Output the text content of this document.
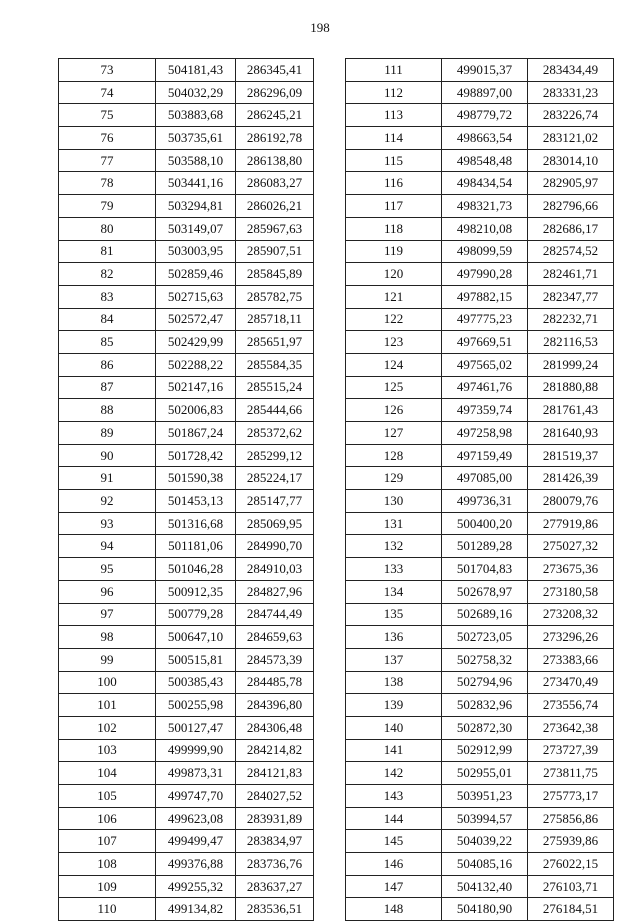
198
73	504181,43	286345,41
74	504032,29	286296,09
75	503883,68	286245,21
76	503735,61	286192,78
77	503588,10	286138,80
78	503441,16	286083,27
79	503294,81	286026,21
80	503149,07	285967,63
81	503003,95	285907,51
82	502859,46	285845,89
83	502715,63	285782,75
84	502572,47	285718,11
85	502429,99	285651,97
86	502288,22	285584,35
87	502147,16	285515,24
88	502006,83	285444,66
89	501867,24	285372,62
90	501728,42	285299,12
91	501590,38	285224,17
92	501453,13	285147,77
93	501316,68	285069,95
94	501181,06	284990,70
95	501046,28	284910,03
96	500912,35	284827,96
97	500779,28	284744,49
98	500647,10	284659,63
99	500515,81	284573,39
100	500385,43	284485,78
101	500255,98	284396,80
102	500127,47	284306,48
103	499999,90	284214,82
104	499873,31	284121,83
105	499747,70	284027,52
106	499623,08	283931,89
107	499499,47	283834,97
108	499376,88	283736,76
109	499255,32	283637,27
110	499134,82	283536,51
111	499015,37	283434,49
112	498897,00	283331,23
113	498779,72	283226,74
114	498663,54	283121,02
115	498548,48	283014,10
116	498434,54	282905,97
117	498321,73	282796,66
118	498210,08	282686,17
119	498099,59	282574,52
120	497990,28	282461,71
121	497882,15	282347,77
122	497775,23	282232,71
123	497669,51	282116,53
124	497565,02	281999,24
125	497461,76	281880,88
126	497359,74	281761,43
127	497258,98	281640,93
128	497159,49	281519,37
129	497085,00	281426,39
130	499736,31	280079,76
131	500400,20	277919,86
132	501289,28	275027,32
133	501704,83	273675,36
134	502678,97	273180,58
135	502689,16	273208,32
136	502723,05	273296,26
137	502758,32	273383,66
138	502794,96	273470,49
139	502832,96	273556,74
140	502872,30	273642,38
141	502912,99	273727,39
142	502955,01	273811,75
143	503951,23	275773,17
144	503994,57	275856,86
145	504039,22	275939,86
146	504085,16	276022,15
147	504132,40	276103,71
148	504180,90	276184,51
